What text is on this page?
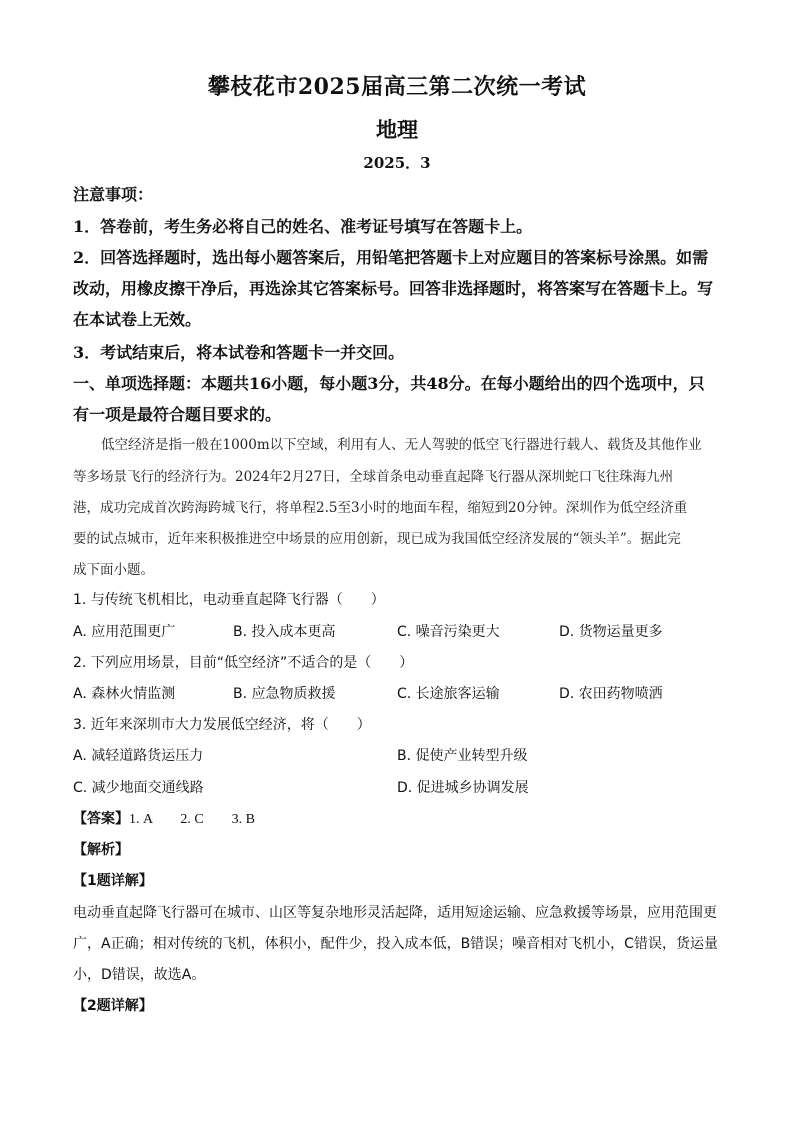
攀枝花市2025届高三第二次统一考试
地理
2025．3
注意事项：
1．答卷前，考生务必将自己的姓名、准考证号填写在答题卡上。
2．回答选择题时，选出每小题答案后，用铅笔把答题卡上对应题目的答案标号涂黑。如需
改动，用橡皮擦干净后，再选涂其它答案标号。回答非选择题时，将答案写在答题卡上。写
在本试卷上无效。
3．考试结束后，将本试卷和答题卡一并交回。
一、单项选择题：本题共16小题，每小题3分，共48分。在每小题给出的四个选项中，只
有一项是最符合题目要求的。
低空经济是指一般在1000m以下空域，利用有人、无人驾驶的低空飞行器进行载人、载货及其他作业
等多场景飞行的经济行为。2024年2月27日，全球首条电动垂直起降飞行器从深圳蛇口飞往珠海九州
港，成功完成首次跨海跨城飞行，将单程2.5至3小时的地面车程，缩短到20分钟。深圳作为低空经济重
要的试点城市，近年来积极推进空中场景的应用创新，现已成为我国低空经济发展的“领头羊”。据此完
成下面小题。
1. 与传统飞机相比，电动垂直起降飞行器（　　）
A. 应用范围更广	B. 投入成本更高	C. 噪音污染更大	D. 货物运量更多
2. 下列应用场景，目前“低空经济”不适合的是（　　）
A. 森林火情监测	B. 应急物质救援	C. 长途旅客运输	D. 农田药物喷洒
3. 近年来深圳市大力发展低空经济，将（　　）
A. 减轻道路货运压力	B. 促使产业转型升级
C. 减少地面交通线路	D. 促进城乡协调发展
【答案】1. A　　2. C　　3. B
【解析】
【1题详解】
电动垂直起降飞行器可在城市、山区等复杂地形灵活起降，适用短途运输、应急救援等场景，应用范围更
广，A正确；相对传统的飞机，体积小，配件少，投入成本低，B错误；噪音相对飞机小，C错误，货运量
小，D错误，故选A。
【2题详解】
